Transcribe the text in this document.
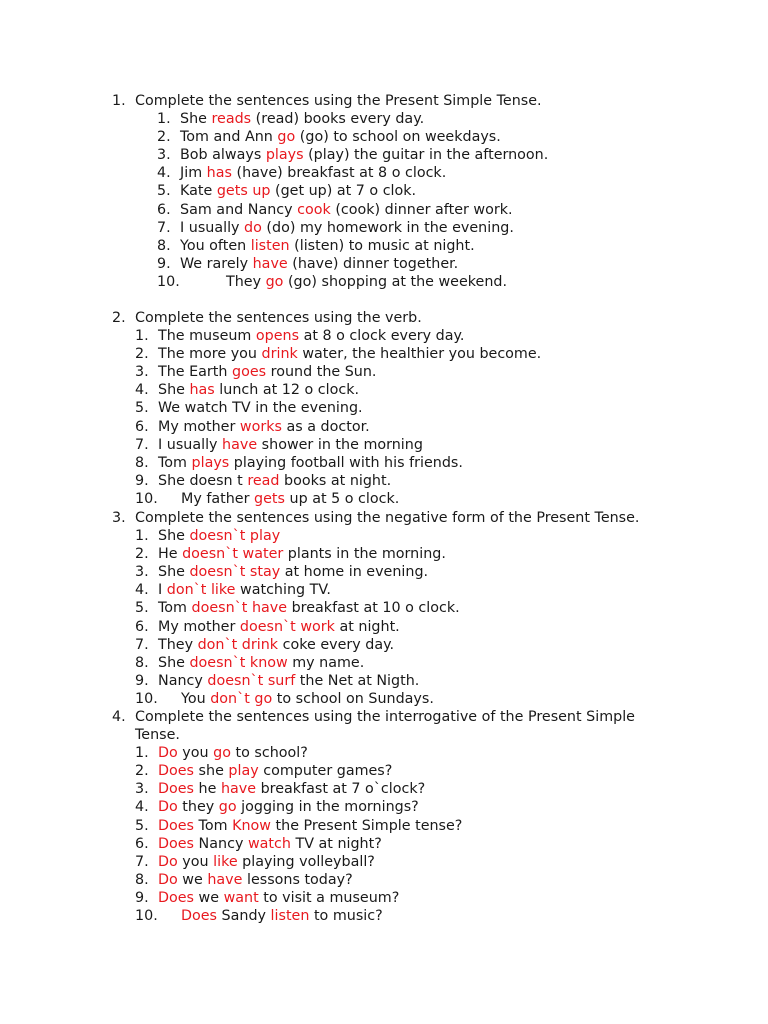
1. Complete the sentences using the Present Simple Tense.
1. She reads (read) books every day.
2. Tom and Ann go (go) to school on weekdays.
3. Bob always plays (play) the guitar in the afternoon.
4. Jim has (have) breakfast at 8 o clock.
5. Kate gets up (get up) at 7 o clok.
6. Sam and Nancy cook (cook) dinner after work.
7. I usually do (do) my homework in the evening.
8. You often listen (listen) to music at night.
9. We rarely have (have) dinner together.
10.	They go (go) shopping at the weekend.
2. Complete the sentences using the verb.
1. The museum opens at 8 o clock every day.
2. The more you drink water, the healthier you become.
3. The Earth goes round the Sun.
4. She has lunch at 12 o clock.
5. We watch TV in the evening.
6. My mother works as a doctor.
7. I usually have shower in the morning
8. Tom plays playing football with his friends.
9. She doesn t read books at night.
10. My father gets up at 5 o clock.
3. Complete the sentences using the negative form of the Present Tense.
1. She doesn`t play
2. He doesn`t water plants in the morning.
3. She doesn`t stay at home in evening.
4. I don`t like watching TV.
5. Tom doesn`t have breakfast at 10 o clock.
6. My mother doesn`t work at night.
7. They don`t drink coke every day.
8. She doesn`t know my name.
9. Nancy doesn`t surf the Net at Nigth.
10. You don`t go to school on Sundays.
4. Complete the sentences using the interrogative of the Present Simple
Tense.
1. Do you go to school?
2. Does she play computer games?
3. Does he have breakfast at 7 o`clock?
4. Do they go jogging in the mornings?
5. Does Tom Know the Present Simple tense?
6. Does Nancy watch TV at night?
7. Do you like playing volleyball?
8. Do we have lessons today?
9. Does we want to visit a museum?
10. Does Sandy listen to music?
